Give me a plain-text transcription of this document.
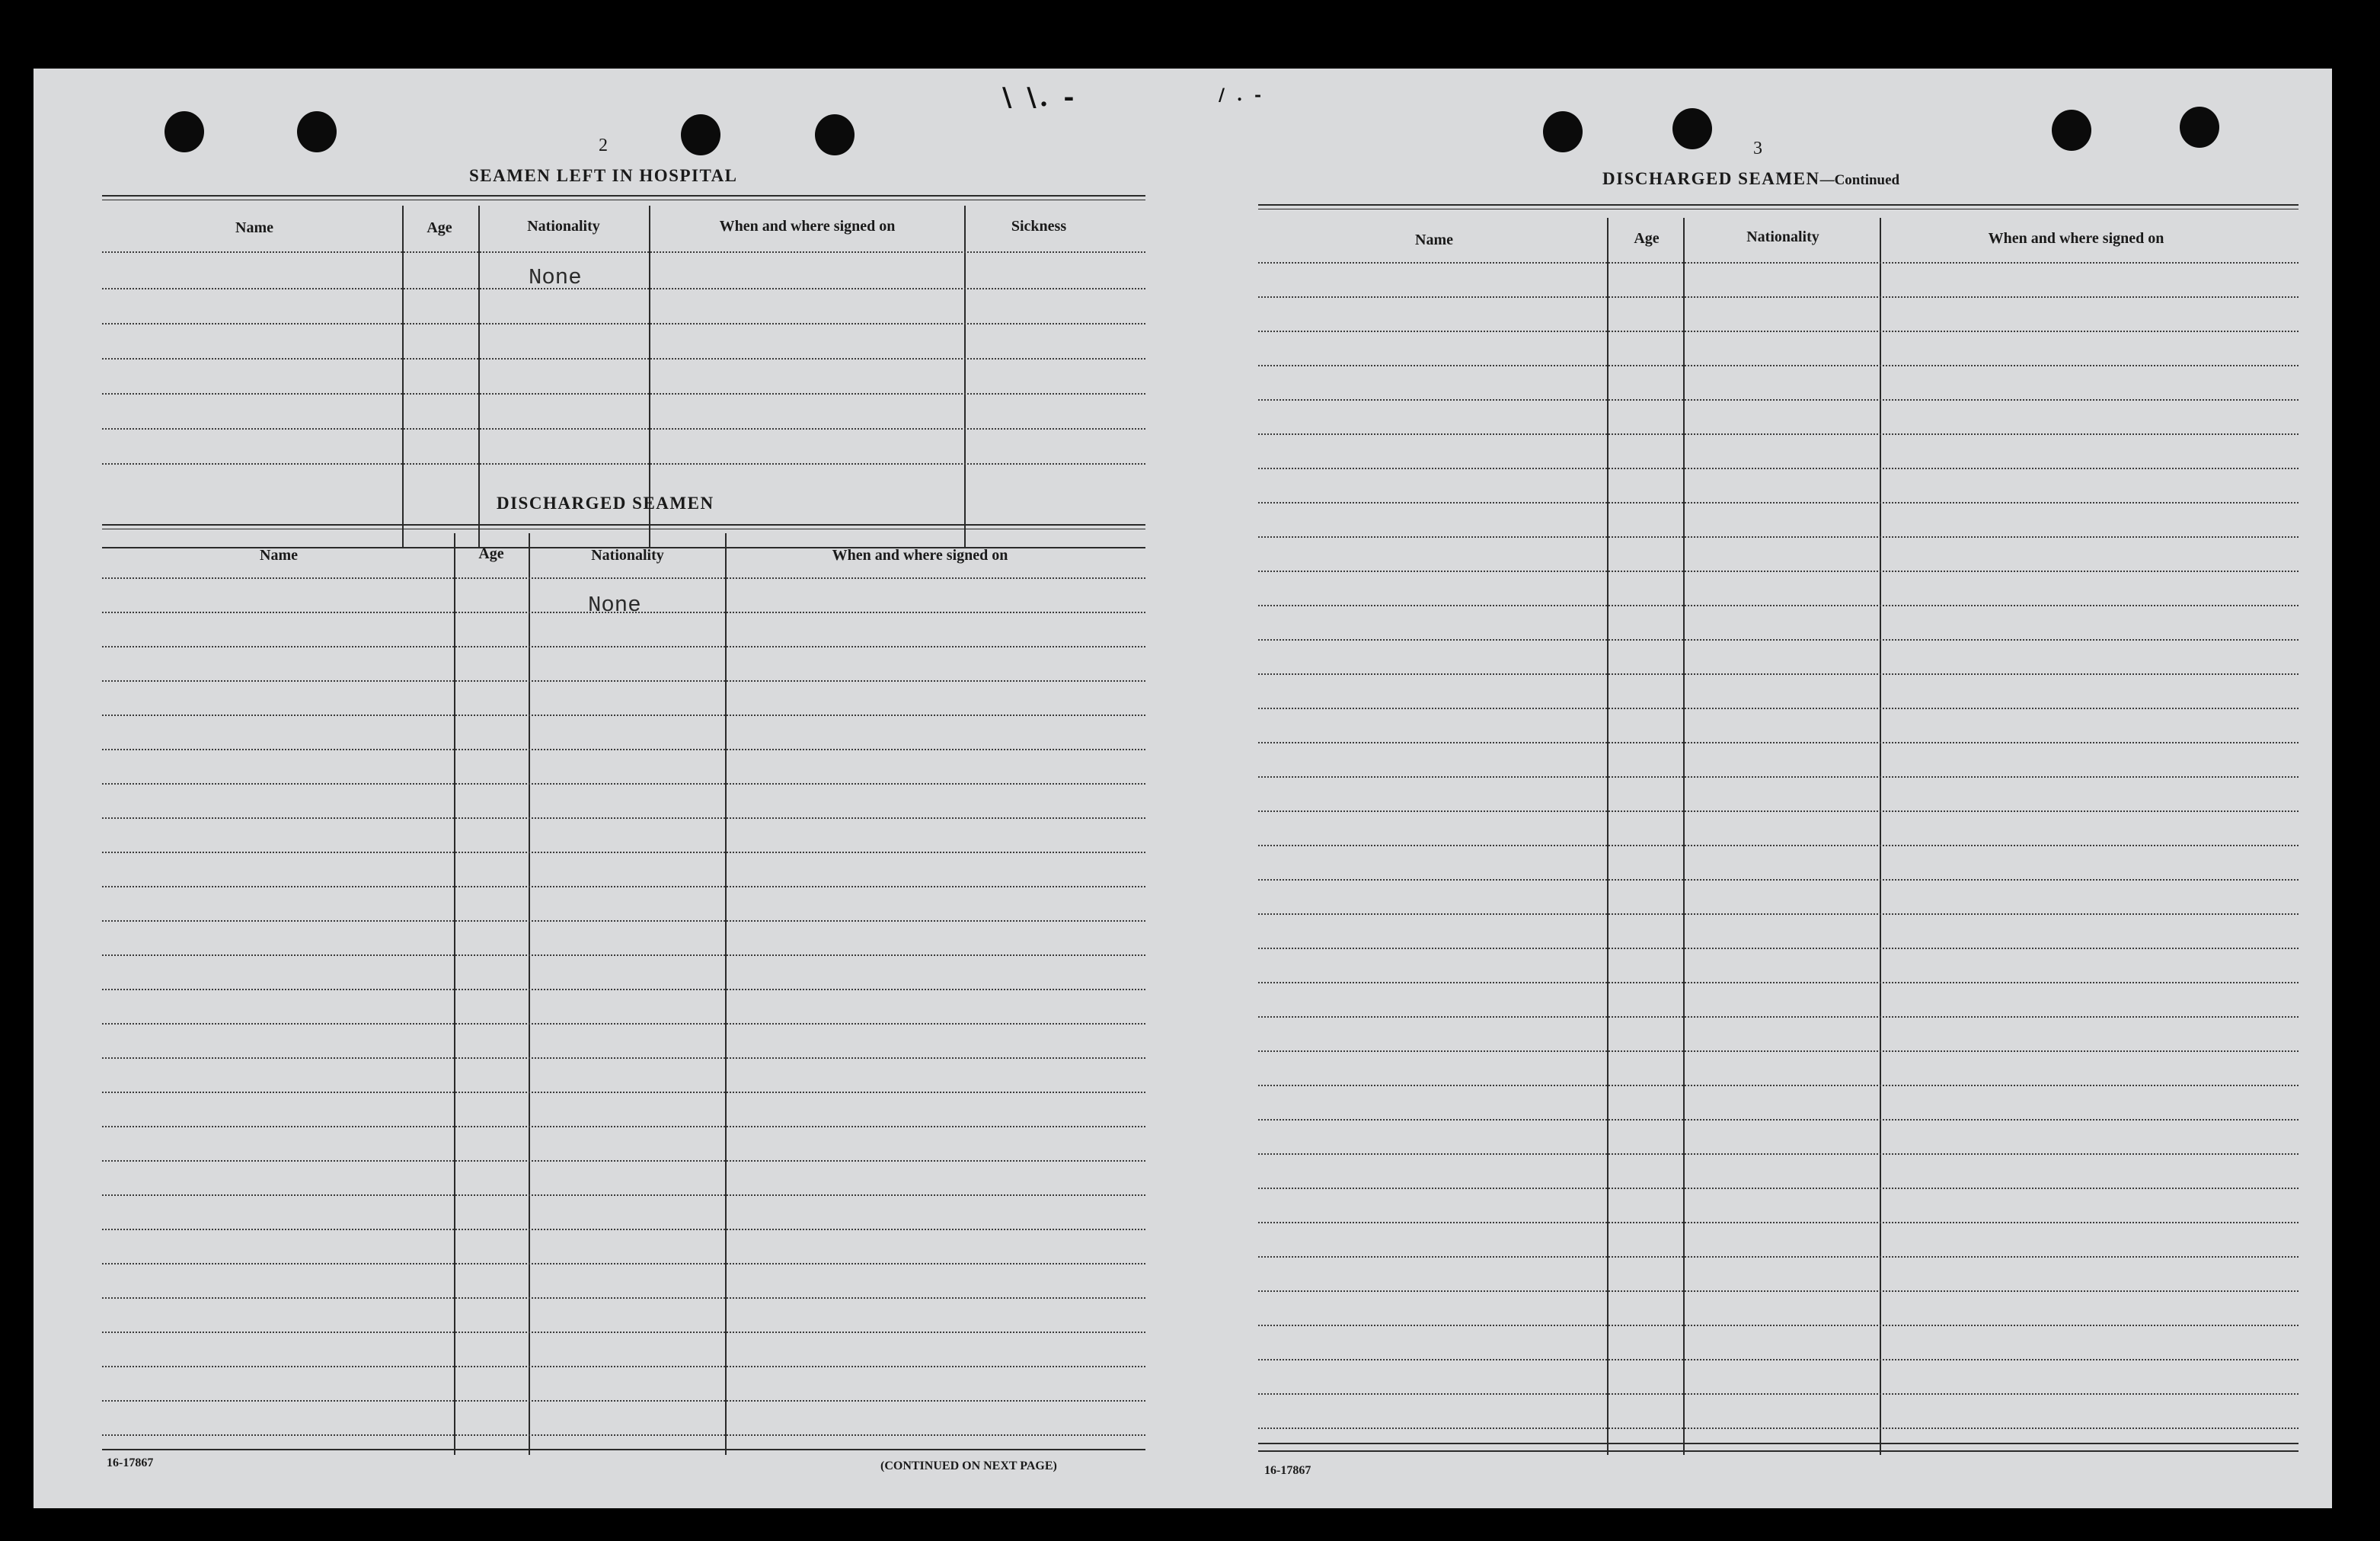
\ \. -	/ . -
2
SEAMEN LEFT IN HOSPITAL
Name	Age	Nationality	When and where signed on	Sickness
None
DISCHARGED SEAMEN
Name	Age	Nationality	When and where signed on
None
16-17867	(CONTINUED ON NEXT PAGE)
3
DISCHARGED SEAMEN—Continued
Name	Age	Nationality	When and where signed on
16-17867
